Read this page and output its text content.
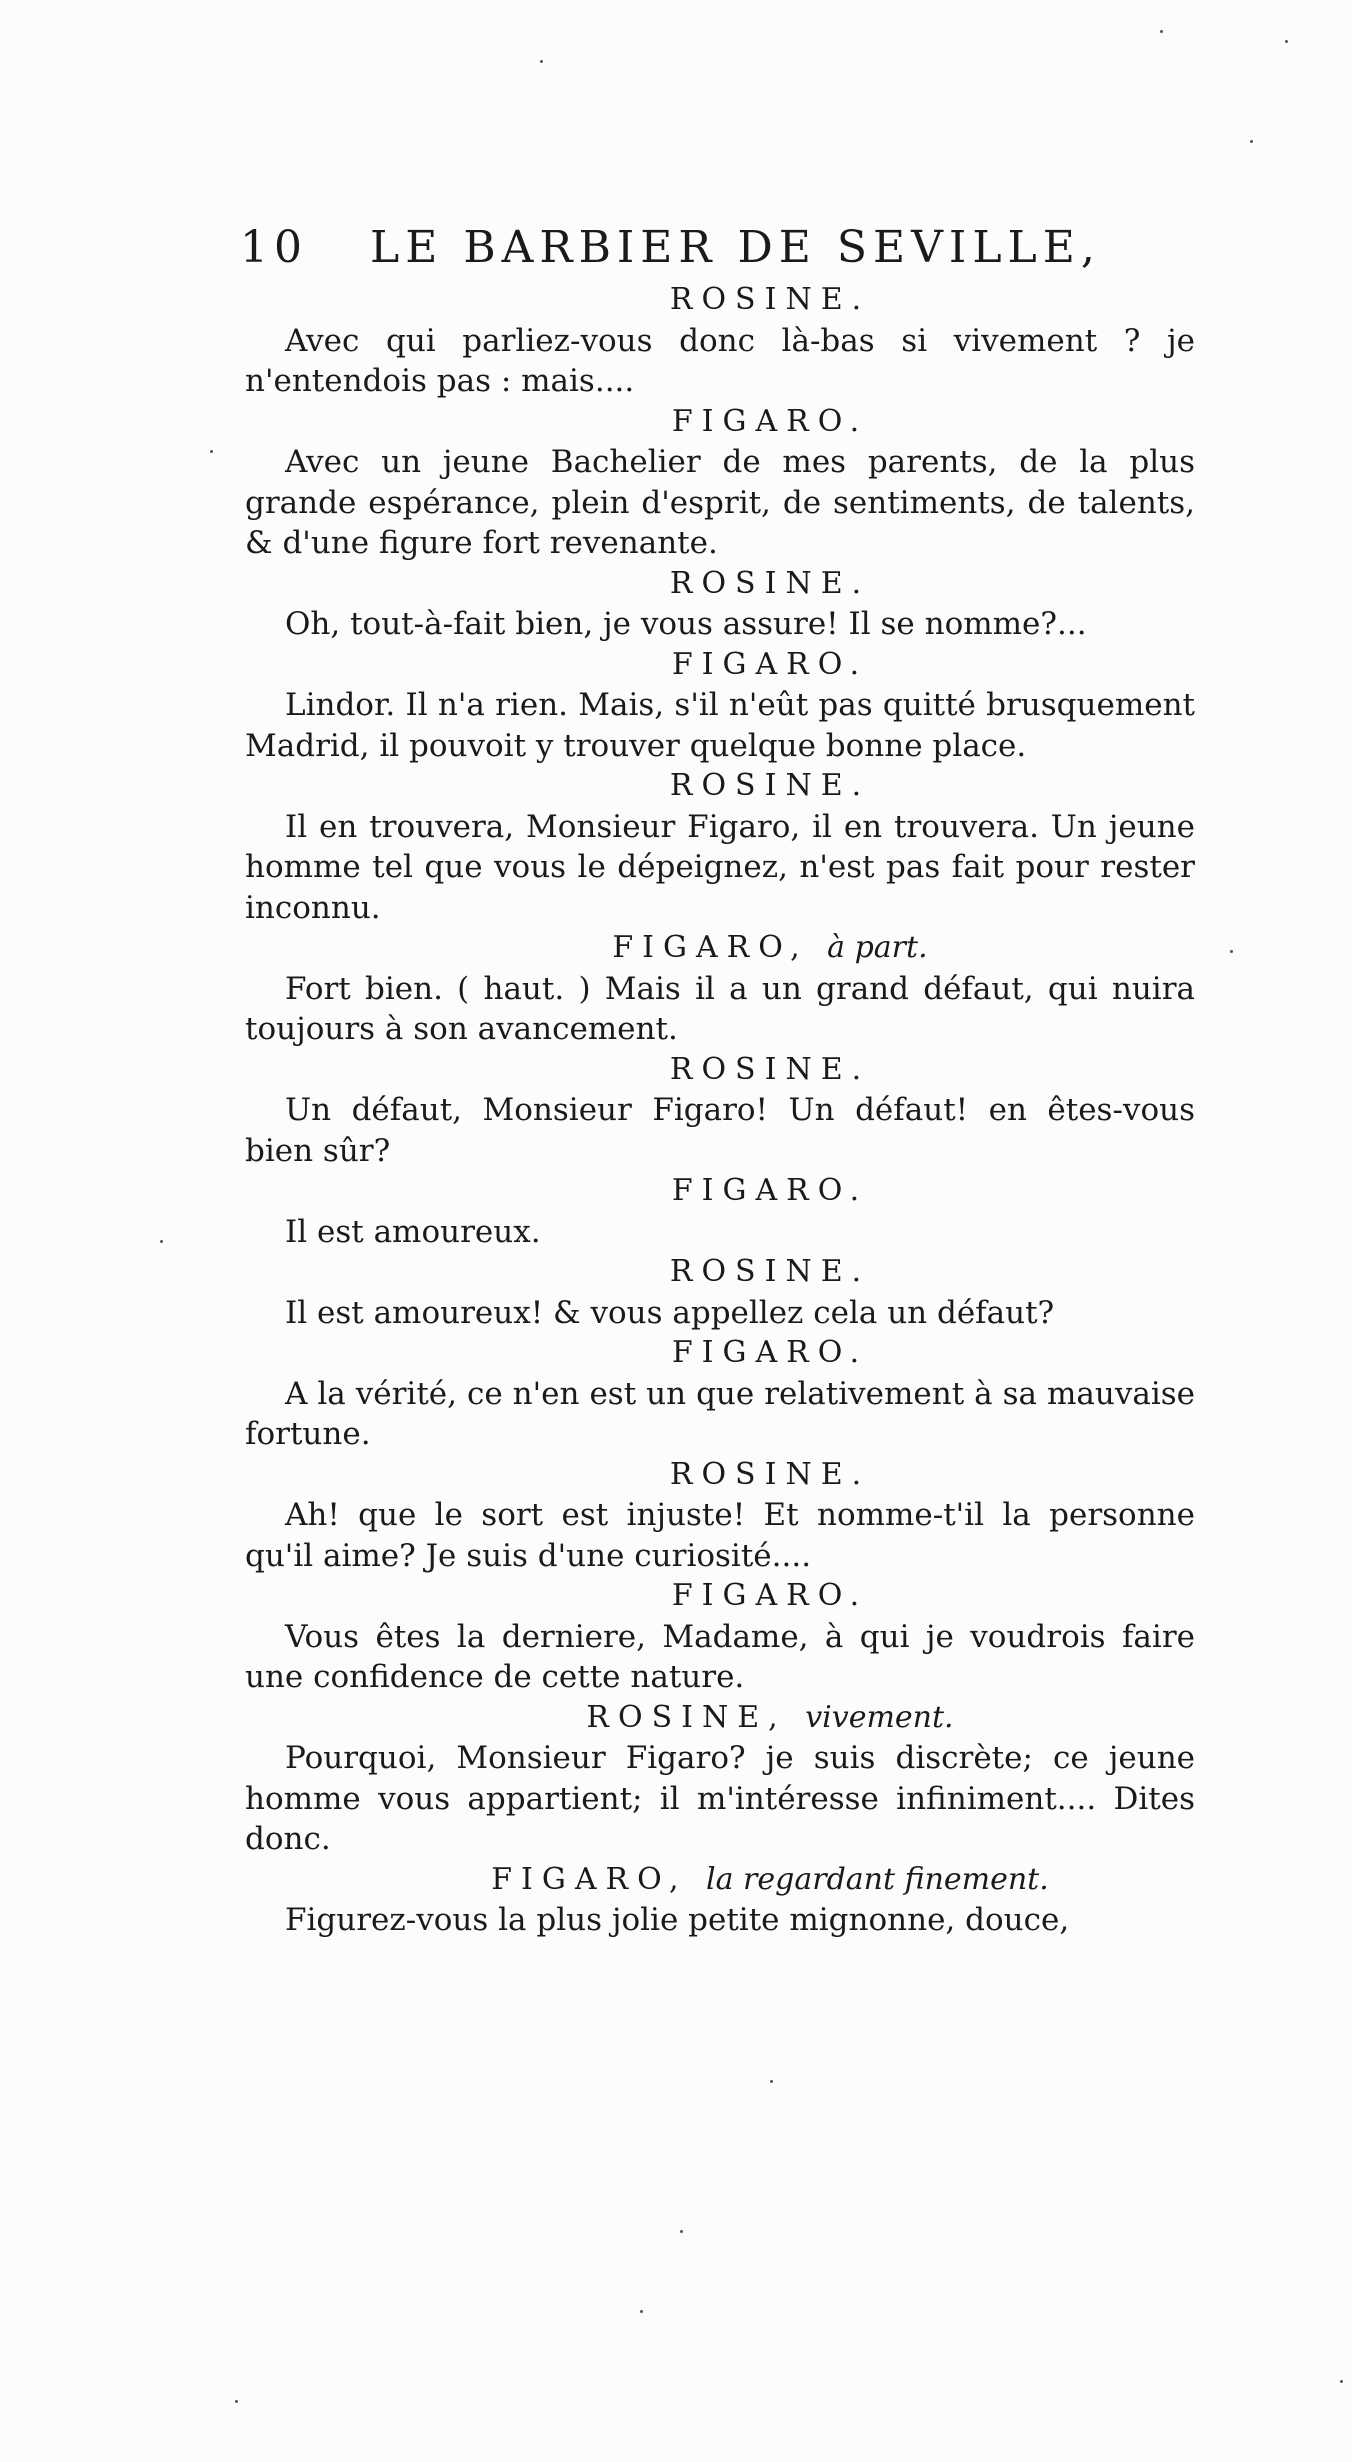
10 LE BARBIER DE SEVILLE,
ROSINE.
Avec qui parliez-vous donc là-bas si vivement ? je n'entendois pas : mais....
FIGARO.
Avec un jeune Bachelier de mes parents, de la plus grande espérance, plein d'esprit, de sentiments, de talents, & d'une figure fort revenante.
ROSINE.
Oh, tout-à-fait bien, je vous assure! Il se nomme?...
FIGARO.
Lindor. Il n'a rien. Mais, s'il n'eût pas quitté brusquement Madrid, il pouvoit y trouver quelque bonne place.
ROSINE.
Il en trouvera, Monsieur Figaro, il en trouvera. Un jeune homme tel que vous le dépeignez, n'est pas fait pour rester inconnu.
FIGARO, à part.
Fort bien. ( haut. ) Mais il a un grand défaut, qui nuira toujours à son avancement.
ROSINE.
Un défaut, Monsieur Figaro! Un défaut! en êtes-vous bien sûr?
FIGARO.
Il est amoureux.
ROSINE.
Il est amoureux! & vous appellez cela un défaut?
FIGARO.
A la vérité, ce n'en est un que relativement à sa mauvaise fortune.
ROSINE.
Ah! que le sort est injuste! Et nomme-t'il la personne qu'il aime? Je suis d'une curiosité....
FIGARO.
Vous êtes la derniere, Madame, à qui je voudrois faire une confidence de cette nature.
ROSINE, vivement.
Pourquoi, Monsieur Figaro? je suis discrète; ce jeune homme vous appartient; il m'intéresse infiniment.... Dites donc.
FIGARO, la regardant finement.
Figurez-vous la plus jolie petite mignonne, douce,
